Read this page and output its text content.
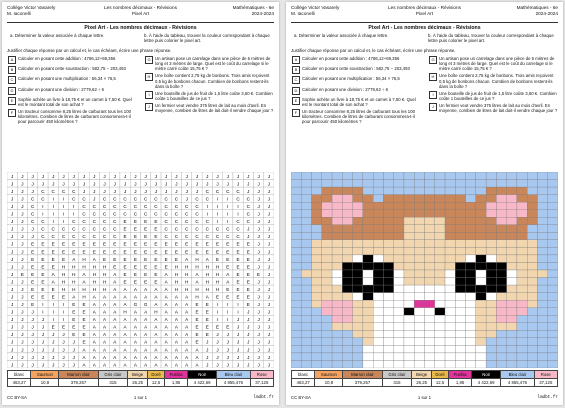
Collège Victor Vasarely
M. Iaconelli
Les nombres décimaux - Révisions
Pixel Art
Mathématiques - 6e
2024-2024
Pixel Art - Les nombres décimaux - Révisions
a. Déterminer la valeur associée à chaque lettre.	b. À l'aide du tableau, trouver la couleur correspondant à chaque lettre puis colorier le pixel art.
Justifier chaque réponse par un calcul et, le cas échéant, écrire une phrase réponse.
A	Calculer en posant cette addition : 4786,12+69,356
B	Calculer en posant cette soustraction : 582,75 − 203,493
C	Calculer en posant une multiplication : 56,34 × 76,5
D	Calculer en posant une division : 2779,62 ÷ 6
E	Sophie achète un livre à 18,75 € et un carnet à 7,50 €. Quel est le montant total de son achat ?
F	Un tracteur consomme 8,25 litres de carburant tous les 100 kilomètres. Combien de litres de carburant consommera-t-il pour parcourir 450 kilomètres ?
G	Un artisan pose un carrelage dans une pièce de 5 mètres de long et 3 mètres de large. Quel est le coût du carrelage si le mètre carré coûte 15,75 € ?
H	Une boîte contient 2,75 kg de bonbons. Trois amis reçoivent 0,5 kg de bonbons chacun. Combien de bonbons restent-ils dans la boîte ?
I	Une bouteille de jus de fruit de 1,5 litre coûte 3,60 €. Combien coûte 1 bouteilles de ce jus ?
J	Un fermier veut vendre 375 litres de lait au mois d'avril. En moyenne, combien de litres de lait doit-il vendre chaque jour ?
J J J J J J J J J J J J J J J J J J J J J J J J J J
J J J J J J J J J J J J J J J J J J J J J J J J J J
J J J C C C C J J J J J J J J J J J J C C C C J J J
J J C C I I C C J C C C C C C C C J C C I I C C J J
J J C I I I I C C C C C C C C C C C C I I I I C J J
J J C I I I I C C C C C C C C C C C C I I I I C J J
J J C C I I C C C C C E E E E C C C C C I I C C J J
J J J C C C C C C C C E E E E C C C C C C C C J J J
J J J C C C C C C C C E E E E C C C C C C C C J J J
J J E E E E E E E E E E E E E E E E E E E E E E J J
J J E E E E E E E E E E E E E E E E E E E E E E J J
J J E E E E A H A E E E E E E E E A H A E E E E J J
J J E E E H H H H H E E E E E E H H H H H E E E J J
J E E E A H H A H H A E E E E A H H A H H A E E E J
J J E E A H H A H H A E E E E A H H A H H A E E J J
J J E E E H H H H H A A A A A A H H H H H E E E J J
J J E E E E A H A A A A A A A A A A H A E E E E J J
J J E I I I E E A A A A G G A A A A E E I I I E J J
J J J I I I E E A A A H A A H A A A E E I I I J J J
J J J J I I E E A A A A A A A A A A E E I I J J J J
J J J J E E E E A A A A A A A A A A E E E E J J J J
J J J J J J E E A A A A A A A A A A E E J J J J J J
J J J J J J J E A A A A A A A A A A E J J J J J J J
J J J J J J J A A A A A A A A A A A A J J J J J J J
J J J J J J J A A A A A A A A A A A A J J J J J J J
J J J J J J J A A A A A A A A A A A A J J J J J J J
blanc	Saumon	Marron clair	Gris clair	Beige	Doré	Fushia	Noir	Bleu clair	Rose
463,27	10,8	379,257	315	26,25	12,5	1,85	4 422,69	4 855,476	37,125
CC BY-SA	1 sur 1	lmdbt.fr
Collège Victor Vasarely
M. Iaconelli
Les nombres décimaux - Révisions
Pixel Art
Mathématiques - 6e
2024-2024
Pixel Art - Les nombres décimaux - Révisions
a. Déterminer la valeur associée à chaque lettre.	b. À l'aide du tableau, trouver la couleur correspondant à chaque lettre puis colorier le pixel art.
Justifier chaque réponse par un calcul et, le cas échéant, écrire une phrase réponse.
A	Calculer en posant cette addition : 4786,12+69,356
B	Calculer en posant cette soustraction : 582,75 − 203,493
C	Calculer en posant une multiplication : 56,34 × 76,5
D	Calculer en posant une division : 2779,62 ÷ 6
E	Sophie achète un livre à 18,75 € et un carnet à 7,50 €. Quel est le montant total de son achat ?
F	Un tracteur consomme 8,25 litres de carburant tous les 100 kilomètres. Combien de litres de carburant consommera-t-il pour parcourir 450 kilomètres ?
G	Un artisan pose un carrelage dans une pièce de 5 mètres de long et 3 mètres de large. Quel est le coût du carrelage si le mètre carré coûte 15,75 € ?
H	Une boîte contient 2,75 kg de bonbons. Trois amis reçoivent 0,5 kg de bonbons chacun. Combien de bonbons restent-ils dans la boîte ?
I	Une bouteille de jus de fruit de 1,5 litre coûte 3,60 €. Combien coûte 1 bouteilles de ce jus ?
J	Un fermier veut vendre 375 litres de lait au mois d'avril. En moyenne, combien de litres de lait doit-il vendre chaque jour ?
blanc	Saumon	Marron clair	Gris clair	Beige	Doré	Fushia	Noir	Bleu clair	Rose
463,27	10,8	379,257	315	26,25	12,5	1,85	4 422,69	4 855,476	37,125
CC BY-SA	1 sur 1	lmdbt.fr
